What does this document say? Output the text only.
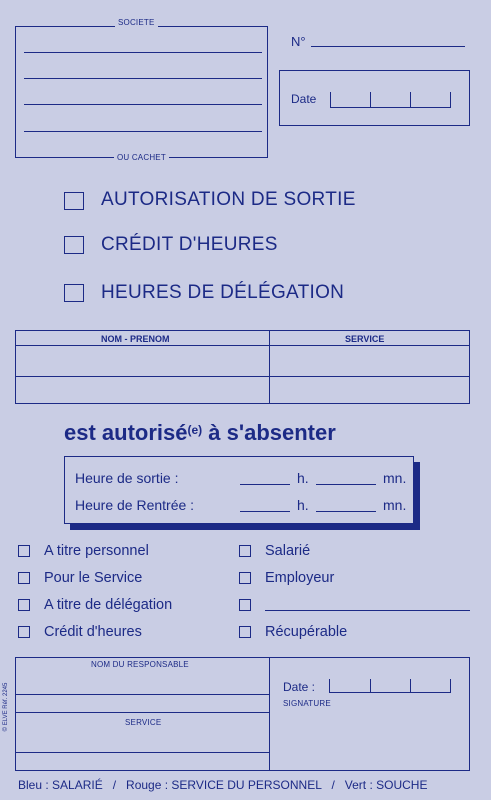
SOCIETE
OU CACHET
N°
Date
AUTORISATION DE SORTIE
CRÉDIT D'HEURES
HEURES DE DÉLÉGATION
NOM - PRENOM	SERVICE
est autorisé$^{(e)}$ à s'absenter
Heure de sortie :	h.	mn.
Heure de Rentrée :	h.	mn.
A titre personnel
Pour le Service
A titre de délégation
Crédit d'heures
Salarié
Employeur
Récupérable
NOM DU RESPONSABLE
SERVICE
Date :
SIGNATURE
© ELVE Réf. 2245
Bleu : SALARIÉ   /   Rouge : SERVICE DU PERSONNEL   /   Vert : SOUCHE
